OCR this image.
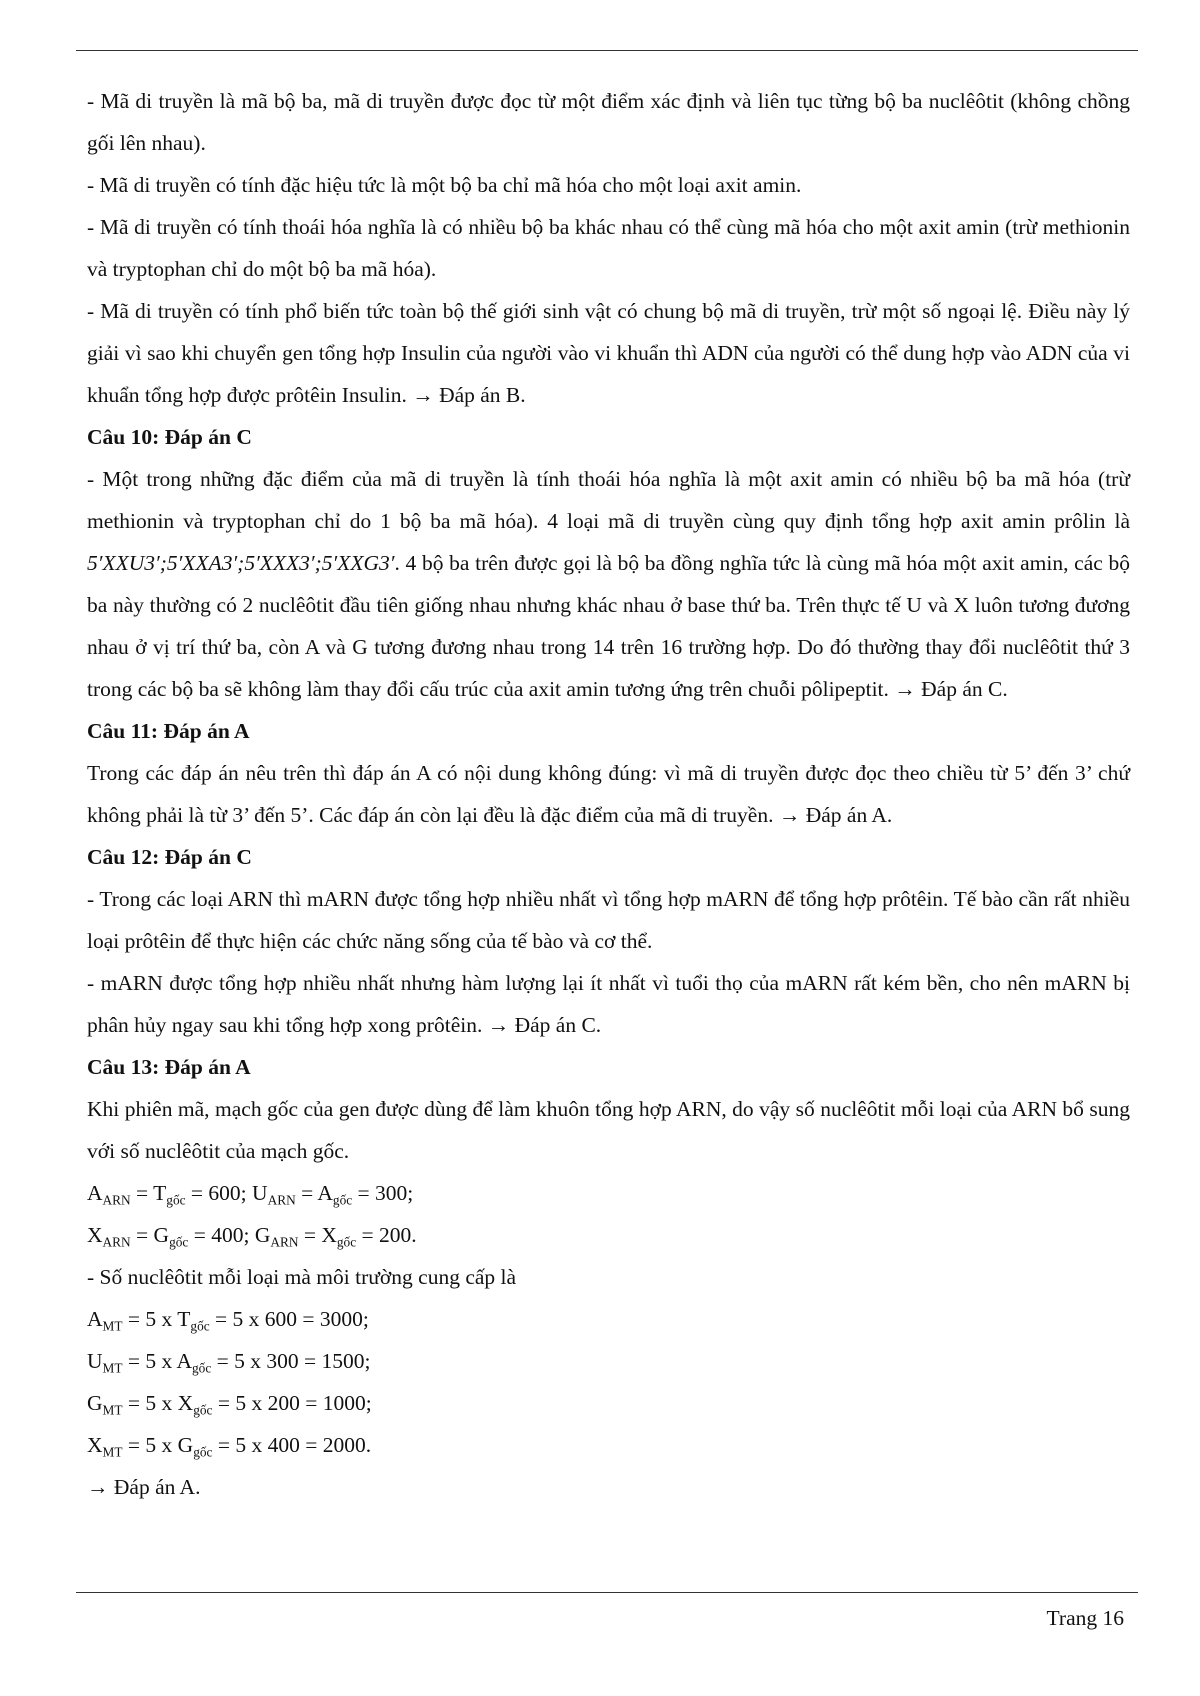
- Mã di truyền là mã bộ ba, mã di truyền được đọc từ một điểm xác định và liên tục từng bộ ba nuclêôtit (không chồng gối lên nhau).

- Mã di truyền có tính đặc hiệu tức là một bộ ba chỉ mã hóa cho một loại axit amin.

- Mã di truyền có tính thoái hóa nghĩa là có nhiều bộ ba khác nhau có thể cùng mã hóa cho một axit amin (trừ methionin và tryptophan chỉ do một bộ ba mã hóa).

- Mã di truyền có tính phổ biến tức toàn bộ thế giới sinh vật có chung bộ mã di truyền, trừ một số ngoại lệ. Điều này lý giải vì sao khi chuyển gen tổng hợp Insulin của người vào vi khuẩn thì ADN của người có thể dung hợp vào ADN của vi khuẩn tổng hợp được prôtêin Insulin. → Đáp án B.

Câu 10: Đáp án C

- Một trong những đặc điểm của mã di truyền là tính thoái hóa nghĩa là một axit amin có nhiều bộ ba mã hóa (trừ methionin và tryptophan chỉ do 1 bộ ba mã hóa). 4 loại mã di truyền cùng quy định tổng hợp axit amin prôlin là 5′XXU3′;5′XXA3′;5′XXX3′;5′XXG3′. 4 bộ ba trên được gọi là bộ ba đồng nghĩa tức là cùng mã hóa một axit amin, các bộ ba này thường có 2 nuclêôtit đầu tiên giống nhau nhưng khác nhau ở base thứ ba. Trên thực tế U và X luôn tương đương nhau ở vị trí thứ ba, còn A và G tương đương nhau trong 14 trên 16 trường hợp. Do đó thường thay đổi nuclêôtit thứ 3 trong các bộ ba sẽ không làm thay đổi cấu trúc của axit amin tương ứng trên chuỗi pôlipeptit. → Đáp án C.

Câu 11: Đáp án A

Trong các đáp án nêu trên thì đáp án A có nội dung không đúng: vì mã di truyền được đọc theo chiều từ 5’ đến 3’ chứ không phải là từ 3’ đến 5’. Các đáp án còn lại đều là đặc điểm của mã di truyền. → Đáp án A.

Câu 12: Đáp án C

- Trong các loại ARN thì mARN được tổng hợp nhiều nhất vì tổng hợp mARN để tổng hợp prôtêin. Tế bào cần rất nhiều loại prôtêin để thực hiện các chức năng sống của tế bào và cơ thể.

- mARN được tổng hợp nhiều nhất nhưng hàm lượng lại ít nhất vì tuổi thọ của mARN rất kém bền, cho nên mARN bị phân hủy ngay sau khi tổng hợp xong prôtêin. → Đáp án C.

Câu 13: Đáp án A

Khi phiên mã, mạch gốc của gen được dùng để làm khuôn tổng hợp ARN, do vậy số nuclêôtit mỗi loại của ARN bổ sung với số nuclêôtit của mạch gốc.

$A_{ARN} = T_{gốc} = 600$; $U_{ARN} = A_{gốc} = 300$;

$X_{ARN} = G_{gốc} = 400$; $G_{ARN} = X_{gốc} = 200$.

- Số nuclêôtit mỗi loại mà môi trường cung cấp là

$A_{MT} = 5$ x $T_{gốc} = 5$ x 600 = 3000;

$U_{MT} = 5$ x $A_{gốc} = 5$ x 300 = 1500;

$G_{MT} = 5$ x $X_{gốc} = 5$ x 200 = 1000;

$X_{MT} = 5$ x $G_{gốc} = 5$ x 400 = 2000.

→ Đáp án A.

Trang 16
